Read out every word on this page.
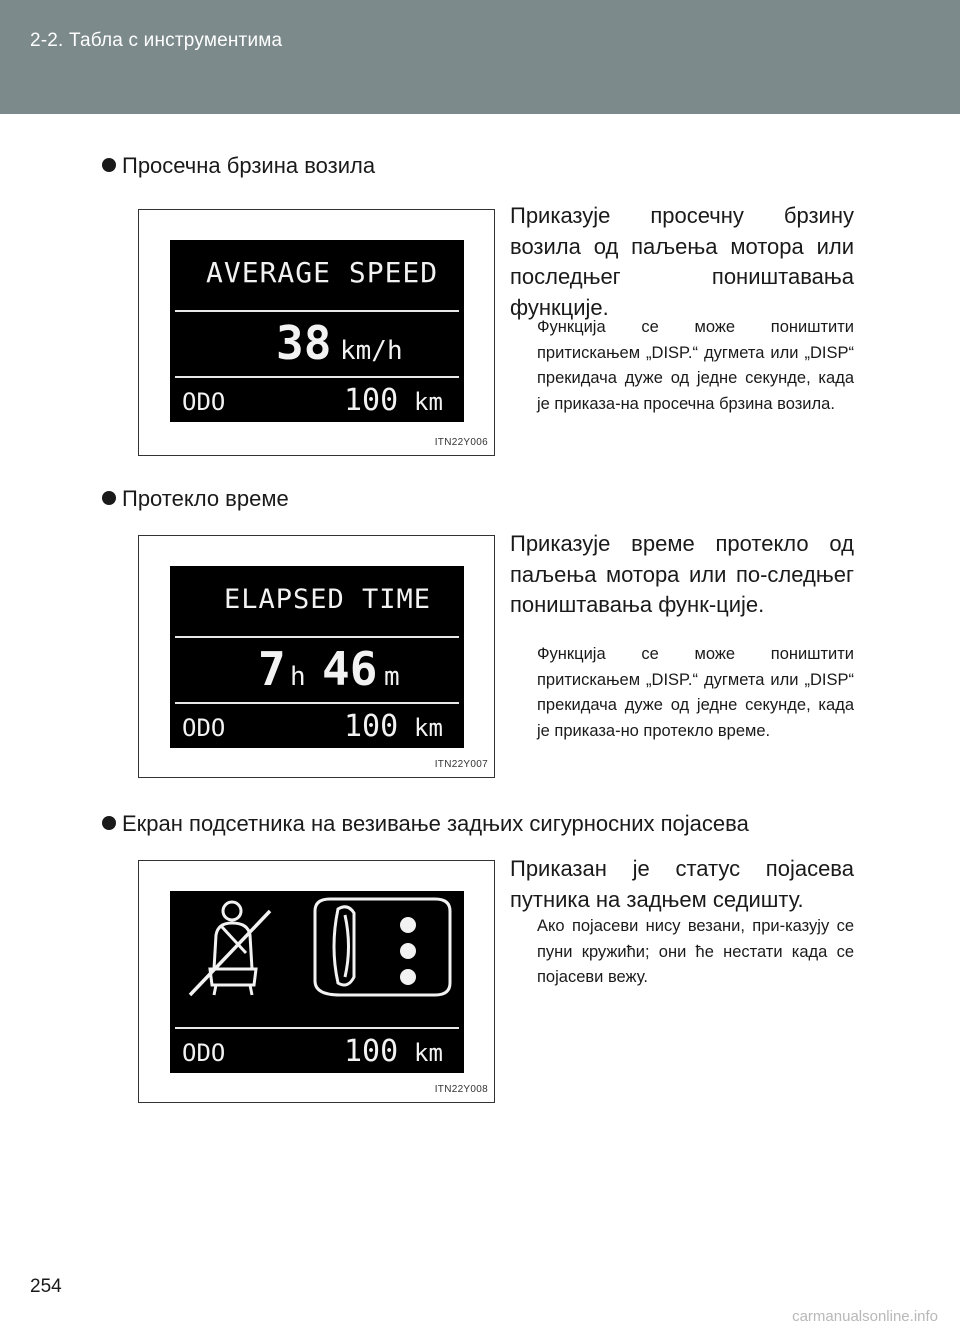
2-2. Табла с инструментима
Просечна брзина возила
AVERAGE SPEED
38 km/h
ODO	100 km
ITN22Y006
Приказује просечну брзину возила од паљења мотора или последњег поништавања функције.
Функција се може поништити притискањем „DISP.“ дугмета или „DISP“ прекидача дуже од једне секунде, када је приказа-на просечна брзина возила.
Протекло време
ELAPSED TIME
7 h 46 m
ODO	100 km
ITN22Y007
Приказује време протекло од паљења мотора или по-следњег поништавања функ-ције.
Функција се може поништити притискањем „DISP.“ дугмета или „DISP“ прекидача дуже од једне секунде, када је приказа-но протекло време.
Екран подсетника на везивање задњих сигурносних појасева
ODO	100 km
ITN22Y008
Приказан је статус појасева путника на задњем седишту.
Ако појасеви нису везани, при-казују се пуни кружићи; они ће нестати када се појасеви вежу.
254
carmanualsonline.info
